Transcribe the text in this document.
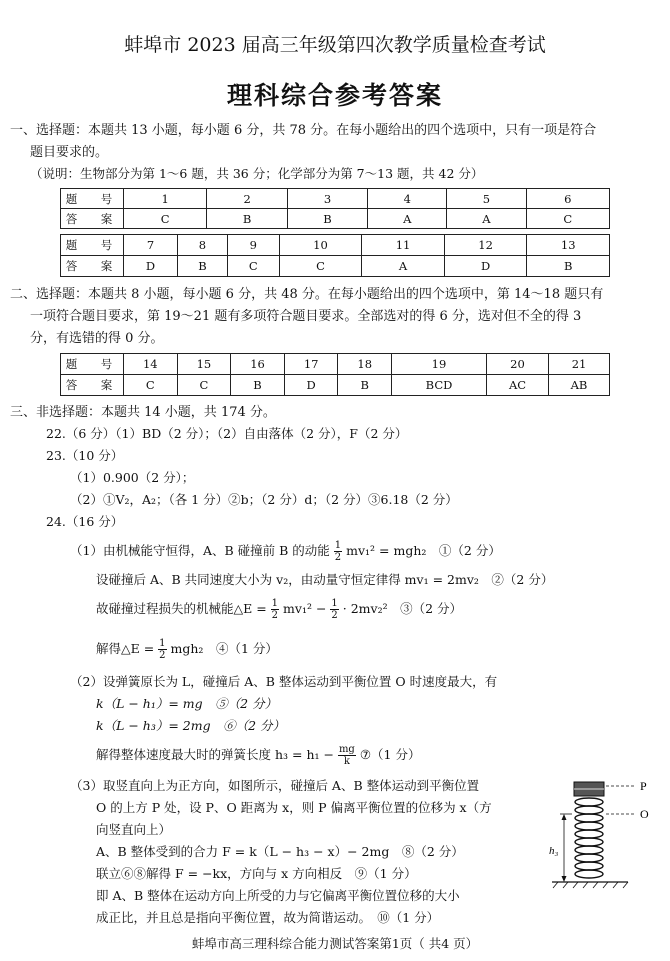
蚌埠市 2023 届高三年级第四次教学质量检查考试
理科综合参考答案
一、选择题：本题共 13 小题，每小题 6 分，共 78 分。在每小题给出的四个选项中，只有一项是符合
题目要求的。
（说明：生物部分为第 1～6 题，共 36 分；化学部分为第 7～13 题，共 42 分）
题　号	1	2	3	4	5	6
答　案	C	B	B	A	A	C
题　号	7	8	9	10	11	12	13
答　案	D	B	C	C	A	D	B
二、选择题：本题共 8 小题，每小题 6 分，共 48 分。在每小题给出的四个选项中，第 14～18 题只有
一项符合题目要求，第 19～21 题有多项符合题目要求。全部选对的得 6 分，选对但不全的得 3
分，有选错的得 0 分。
题　号	14	15	16	17	18	19	20	21
答　案	C	C	B	D	B	BCD	AC	AB
三、非选择题：本题共 14 小题，共 174 分。
22.（6 分）（1）BD（2 分）；（2）自由落体（2 分），F（2 分）
23.（10 分）
（1）0.900（2 分）；
（2）①V₂，A₂；（各 1 分）②b；（2 分）d；（2 分）③6.18（2 分）
24.（16 分）
（1）由机械能守恒得，A、B 碰撞前 B 的动能 $\frac{1}{2} mv_1^2 = mgh_2$　①（2 分）
设碰撞后 A、B 共同速度大小为 v₂，由动量守恒定律得 mv₁ = 2mv₂　②（2 分）
故碰撞过程损失的机械能△E = $\frac{1}{2} mv_1^2 - \frac{1}{2} \cdot 2mv_2^2$　③（2 分）
解得△E = $\frac{1}{2} mgh_2$　④（1 分）
（2）设弹簧原长为 L，碰撞后 A、B 整体运动到平衡位置 O 时速度最大，有
k（L − h₁）= mg　⑤（2 分）
k（L − h₃）= 2mg　⑥（2 分）
解得整体速度最大时的弹簧长度 $h_3 = h_1 - \frac{mg}{k}$ ⑦（1 分）
（3）取竖直向上为正方向，如图所示，碰撞后 A、B 整体运动到平衡位置
O 的上方 P 处，设 P、O 距离为 x，则 P 偏离平衡位置的位移为 x（方
向竖直向上）
A、B 整体受到的合力 F = k（L − h₃ − x）− 2mg　⑧（2 分）
联立⑥⑧解得 F = −kx，方向与 x 方向相反　⑨（1 分）
即 A、B 整体在运动方向上所受的力与它偏离平衡位置位移的大小
成正比，并且总是指向平衡位置，故为简谐运动。　⑩（1 分）
P
O
h₃
蚌埠市高三理科综合能力测试答案第1页（ 共4 页）
